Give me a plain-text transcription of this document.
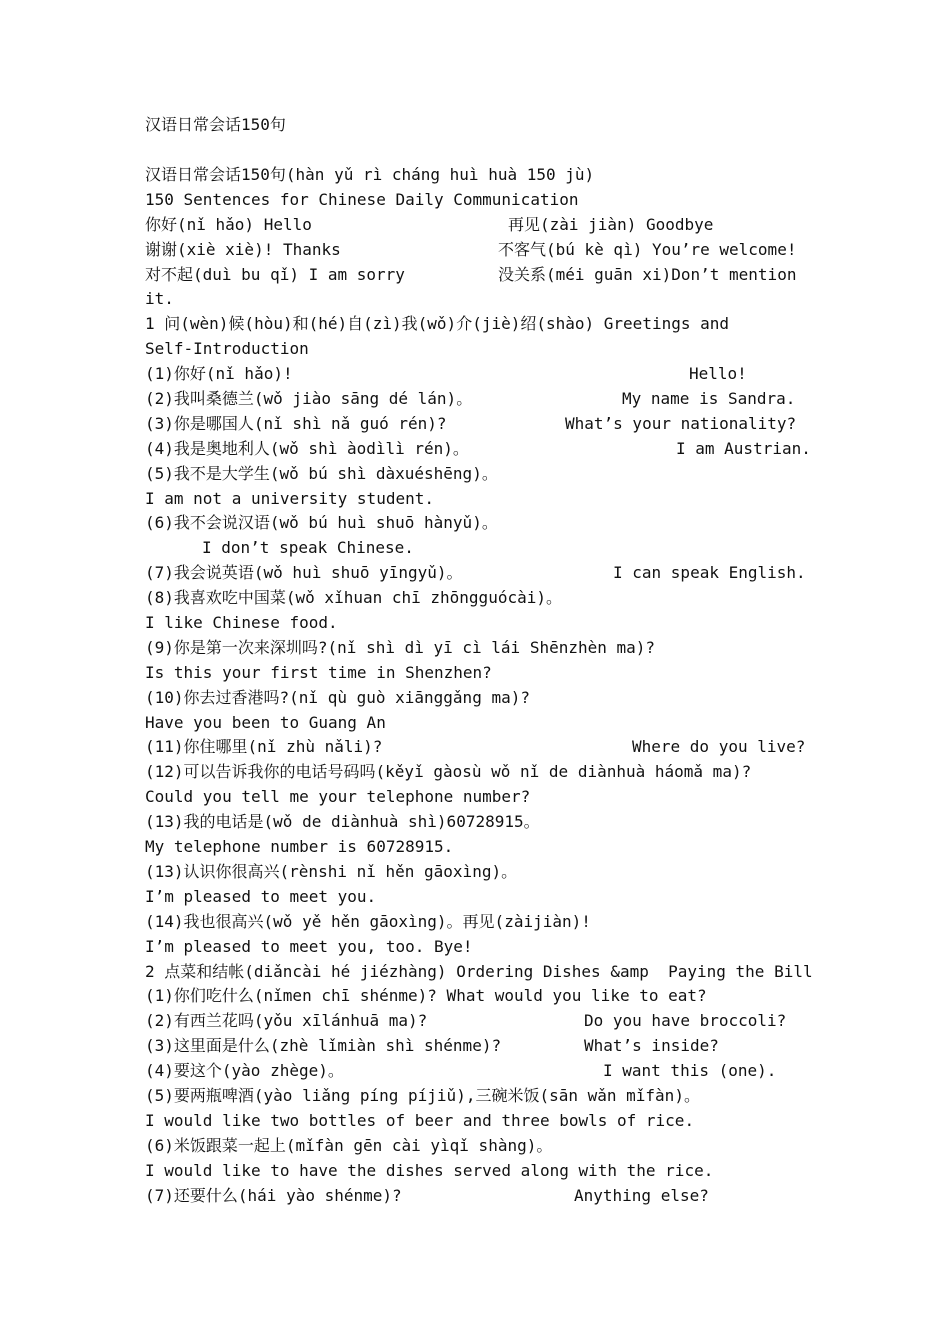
汉语日常会话150句
汉语日常会话150句(hàn yǔ rì cháng huì huà 150 jù)
150 Sentences for Chinese Daily Communication
你好(nǐ hǎo) Hello	再见(zài jiàn) Goodbye
谢谢(xiè xiè)! Thanks	不客气(bú kè qì) You’re welcome!
对不起(duì bu qǐ) I am sorry	没关系(méi guān xi)Don’t mention
it.
1 问(wèn)候(hòu)和(hé)自(zì)我(wǒ)介(jiè)绍(shào) Greetings and
Self-Introduction
(1)你好(nǐ hǎo)!	Hello!
(2)我叫桑德兰(wǒ jiào sāng dé lán)。	My name is Sandra.
(3)你是哪国人(nǐ shì nǎ guó rén)?	What’s your nationality?
(4)我是奥地利人(wǒ shì àodìlì rén)。	I am Austrian.
(5)我不是大学生(wǒ bú shì dàxuéshēng)。
I am not a university student.
(6)我不会说汉语(wǒ bú huì shuō hànyǔ)。
I don’t speak Chinese.
(7)我会说英语(wǒ huì shuō yīngyǔ)。	I can speak English.
(8)我喜欢吃中国菜(wǒ xǐhuan chī zhōngguócài)。
I like Chinese food.
(9)你是第一次来深圳吗?(nǐ shì dì yī cì lái Shēnzhèn ma)?
Is this your first time in Shenzhen?
(10)你去过香港吗?(nǐ qù guò xiānggǎng ma)?
Have you been to Guang An
(11)你住哪里(nǐ zhù nǎli)?	Where do you live?
(12)可以告诉我你的电话号码吗(kěyǐ gàosù wǒ nǐ de diànhuà háomǎ ma)?
Could you tell me your telephone number?
(13)我的电话是(wǒ de diànhuà shì)60728915。
My telephone number is 60728915.
(13)认识你很高兴(rènshi nǐ hěn gāoxìng)。
I’m pleased to meet you.
(14)我也很高兴(wǒ yě hěn gāoxìng)。再见(zàijiàn)!
I’m pleased to meet you, too. Bye!
2 点菜和结帐(diǎncài hé jiézhàng) Ordering Dishes &amp  Paying the Bill
(1)你们吃什么(nǐmen chī shénme)? What would you like to eat?
(2)有西兰花吗(yǒu xīlánhuā ma)?	Do you have broccoli?
(3)这里面是什么(zhè lǐmiàn shì shénme)?	What’s inside?
(4)要这个(yào zhège)。	I want this (one).
(5)要两瓶啤酒(yào liǎng píng píjiǔ),三碗米饭(sān wǎn mǐfàn)。
I would like two bottles of beer and three bowls of rice.
(6)米饭跟菜一起上(mǐfàn gēn cài yìqǐ shàng)。
I would like to have the dishes served along with the rice.
(7)还要什么(hái yào shénme)?	Anything else?
